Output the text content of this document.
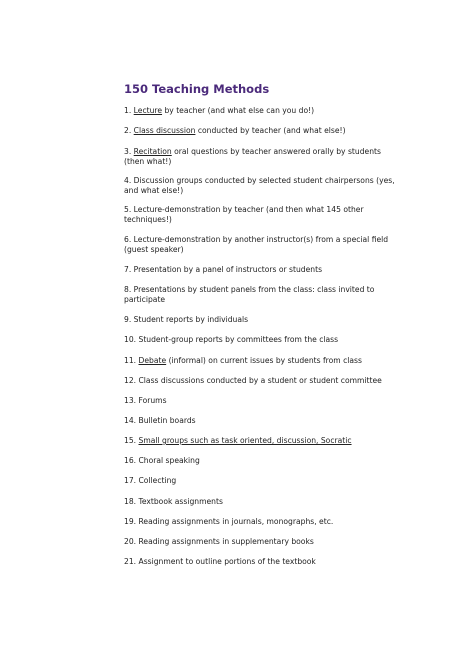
150 Teaching Methods
1. Lecture by teacher (and what else can you do!)
2. Class discussion conducted by teacher (and what else!)
3. Recitation oral questions by teacher answered orally by students
(then what!)
4. Discussion groups conducted by selected student chairpersons (yes,
and what else!)
5. Lecture-demonstration by teacher (and then what 145 other
techniques!)
6. Lecture-demonstration by another instructor(s) from a special field
(guest speaker)
7. Presentation by a panel of instructors or students
8. Presentations by student panels from the class: class invited to
participate
9. Student reports by individuals
10. Student-group reports by committees from the class
11. Debate (informal) on current issues by students from class
12. Class discussions conducted by a student or student committee
13. Forums
14. Bulletin boards
15. Small groups such as task oriented, discussion, Socratic
16. Choral speaking
17. Collecting
18. Textbook assignments
19. Reading assignments in journals, monographs, etc.
20. Reading assignments in supplementary books
21. Assignment to outline portions of the textbook
